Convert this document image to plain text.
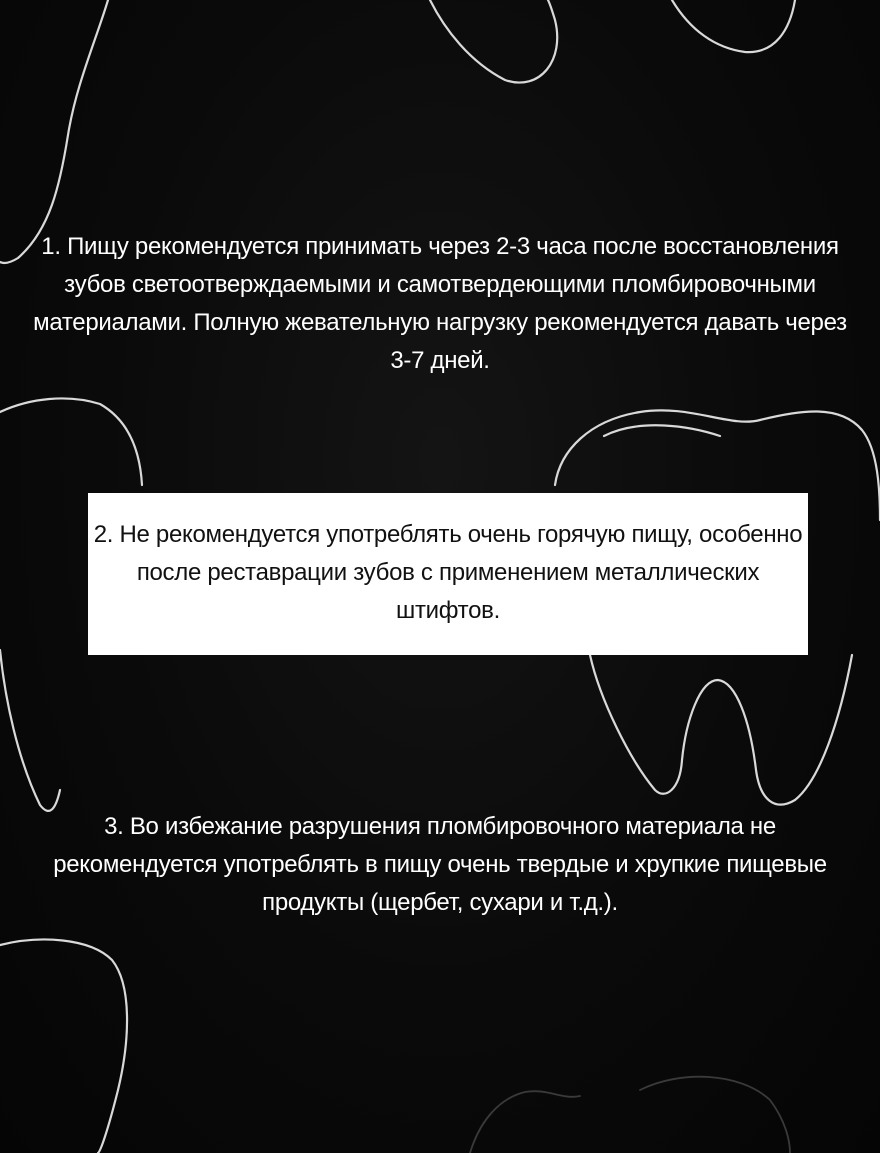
1. Пищу рекомендуется принимать через 2-3 часа после восстановления зубов светоотверждаемыми и самотвердеющими пломбировочными материалами. Полную жевательную нагрузку рекомендуется давать через 3-7 дней.

2. Не рекомендуется употреблять очень горячую пищу, особенно после реставрации зубов с применением металлических штифтов.

3. Во избежание разрушения пломбировочного материала не рекомендуется употреблять в пищу очень твердые и хрупкие пищевые продукты (щербет, сухари и т.д.).
